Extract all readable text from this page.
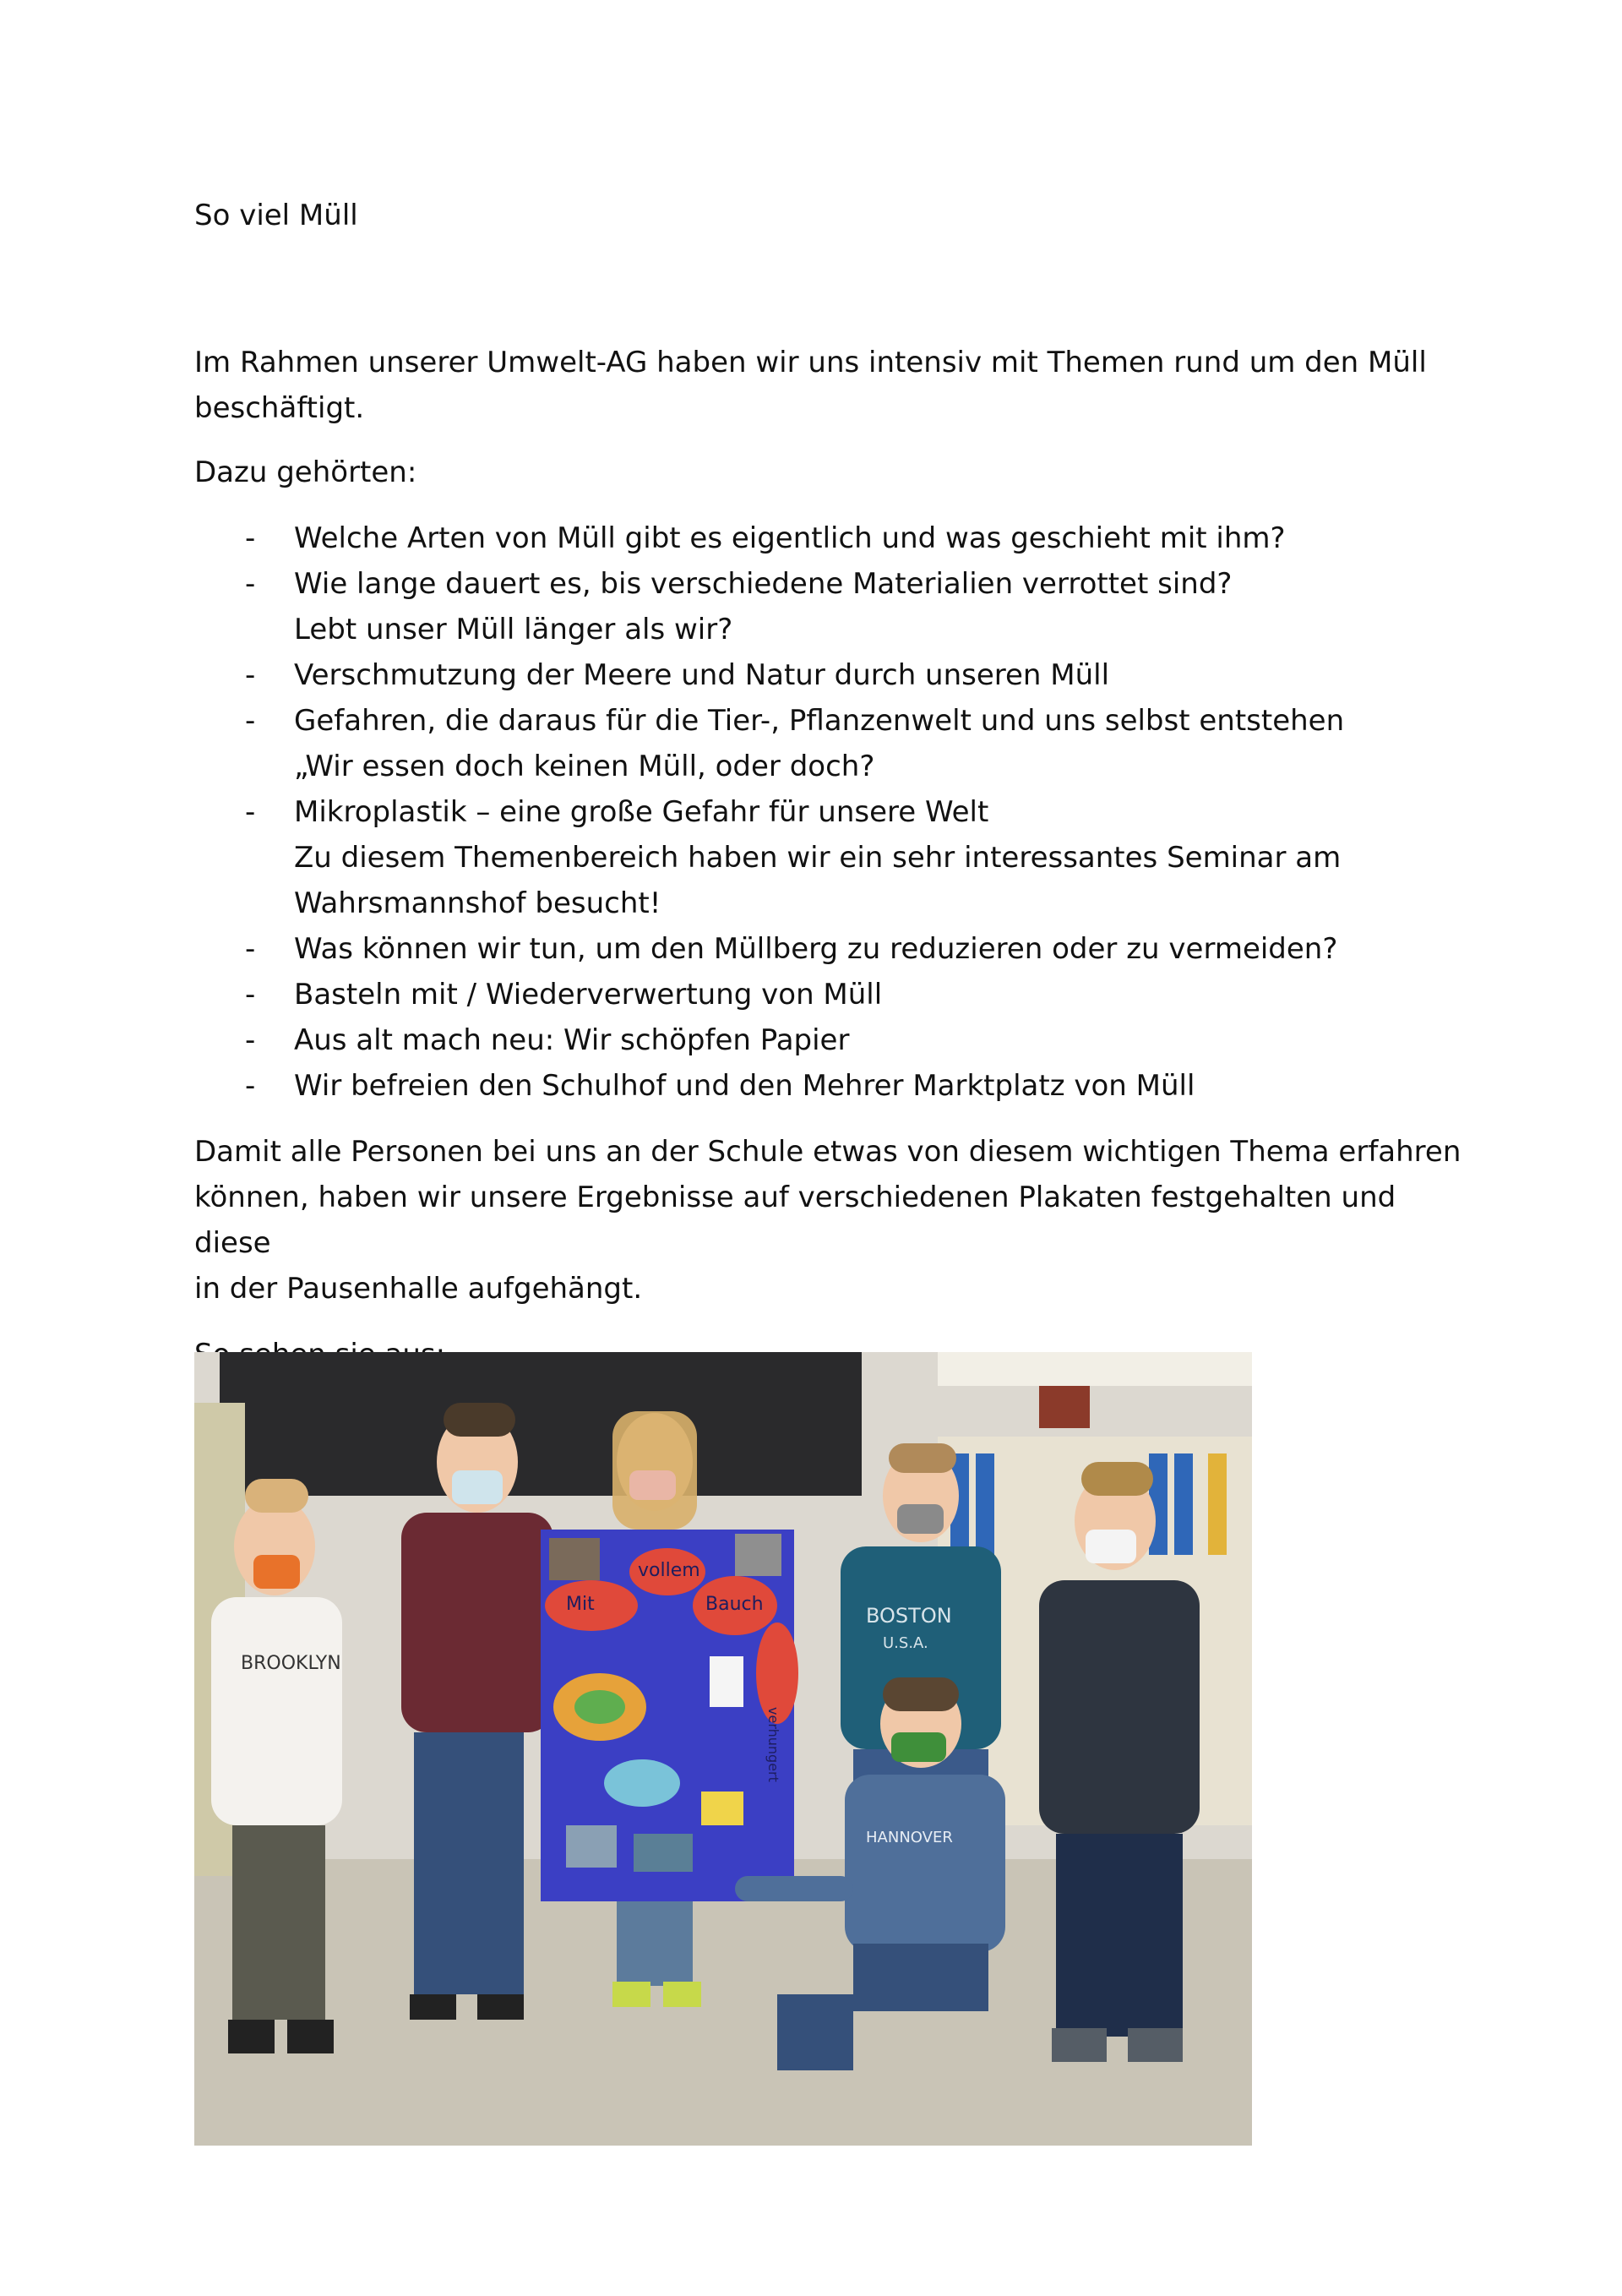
So viel Müll

Im Rahmen unserer Umwelt-AG haben wir uns intensiv mit Themen rund um den Müll
beschäftigt.

Dazu gehörten:

-	Welche Arten von Müll gibt es eigentlich und was geschieht mit ihm?
-	Wie lange dauert es, bis verschiedene Materialien verrottet sind?
Lebt unser Müll länger als wir?
-	Verschmutzung der Meere und Natur durch unseren Müll
-	Gefahren, die daraus für die Tier-, Pflanzenwelt und uns selbst entstehen
„Wir essen doch keinen Müll, oder doch?
-	Mikroplastik – eine große Gefahr für unsere Welt
Zu diesem Themenbereich haben wir ein sehr interessantes Seminar am
Wahrsmannshof besucht!
-	Was können wir tun, um den Müllberg zu reduzieren oder zu vermeiden?
-	Basteln mit / Wiederverwertung von Müll
-	Aus alt mach neu: Wir schöpfen Papier
-	Wir befreien den Schulhof und den Mehrer Marktplatz von Müll

Damit alle Personen bei uns an der Schule etwas von diesem wichtigen Thema erfahren
können, haben wir unsere Ergebnisse auf verschiedenen Plakaten festgehalten und diese
in der Pausenhalle aufgehängt.

Mit
vollem
Bauch
verhungert
BOSTON
U.S.A.
HANNOVER
BROOKLYN
